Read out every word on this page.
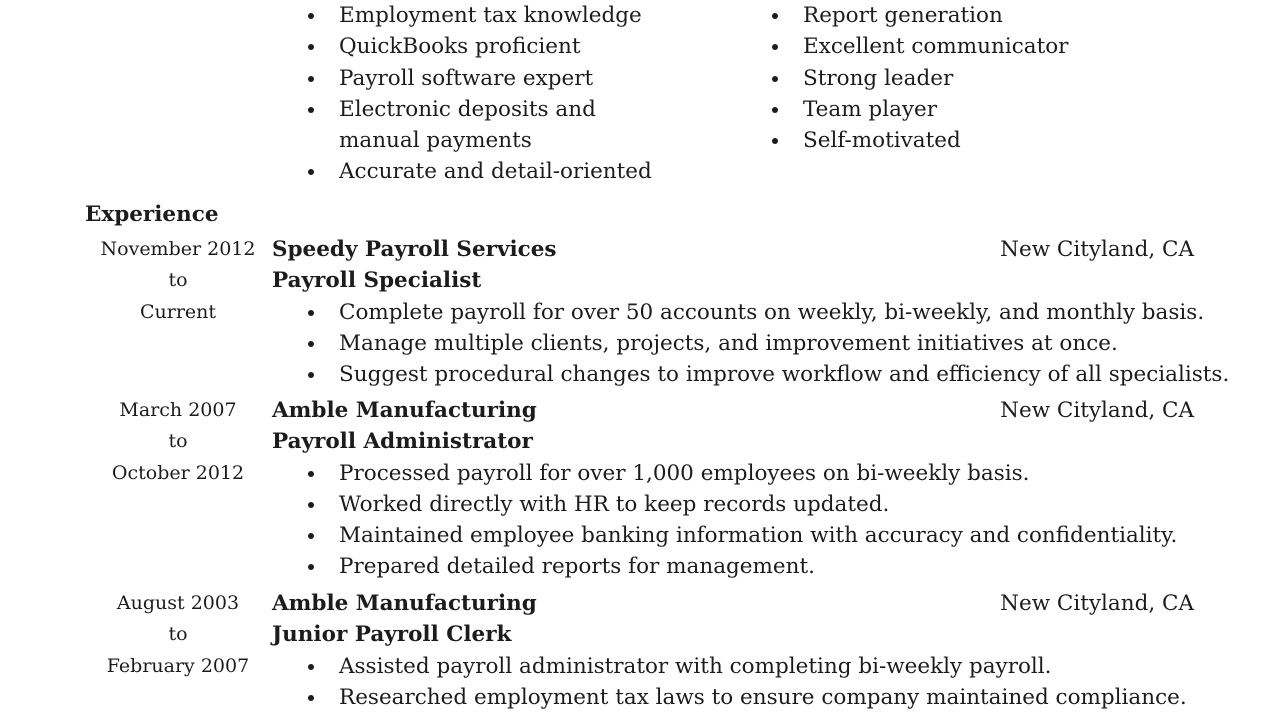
Employment tax knowledge
QuickBooks proficient
Payroll software expert
Electronic deposits and manual payments
Accurate and detail-oriented
Report generation
Excellent communicator
Strong leader
Team player
Self-motivated
Experience
November 2012
to
Current
Speedy Payroll Services	New Cityland, CA
Payroll Specialist
Complete payroll for over 50 accounts on weekly, bi-weekly, and monthly basis.
Manage multiple clients, projects, and improvement initiatives at once.
Suggest procedural changes to improve workflow and efficiency of all specialists.
March 2007
to
October 2012
Amble Manufacturing	New Cityland, CA
Payroll Administrator
Processed payroll for over 1,000 employees on bi-weekly basis.
Worked directly with HR to keep records updated.
Maintained employee banking information with accuracy and confidentiality.
Prepared detailed reports for management.
August 2003
to
February 2007
Amble Manufacturing	New Cityland, CA
Junior Payroll Clerk
Assisted payroll administrator with completing bi-weekly payroll.
Researched employment tax laws to ensure company maintained compliance.
